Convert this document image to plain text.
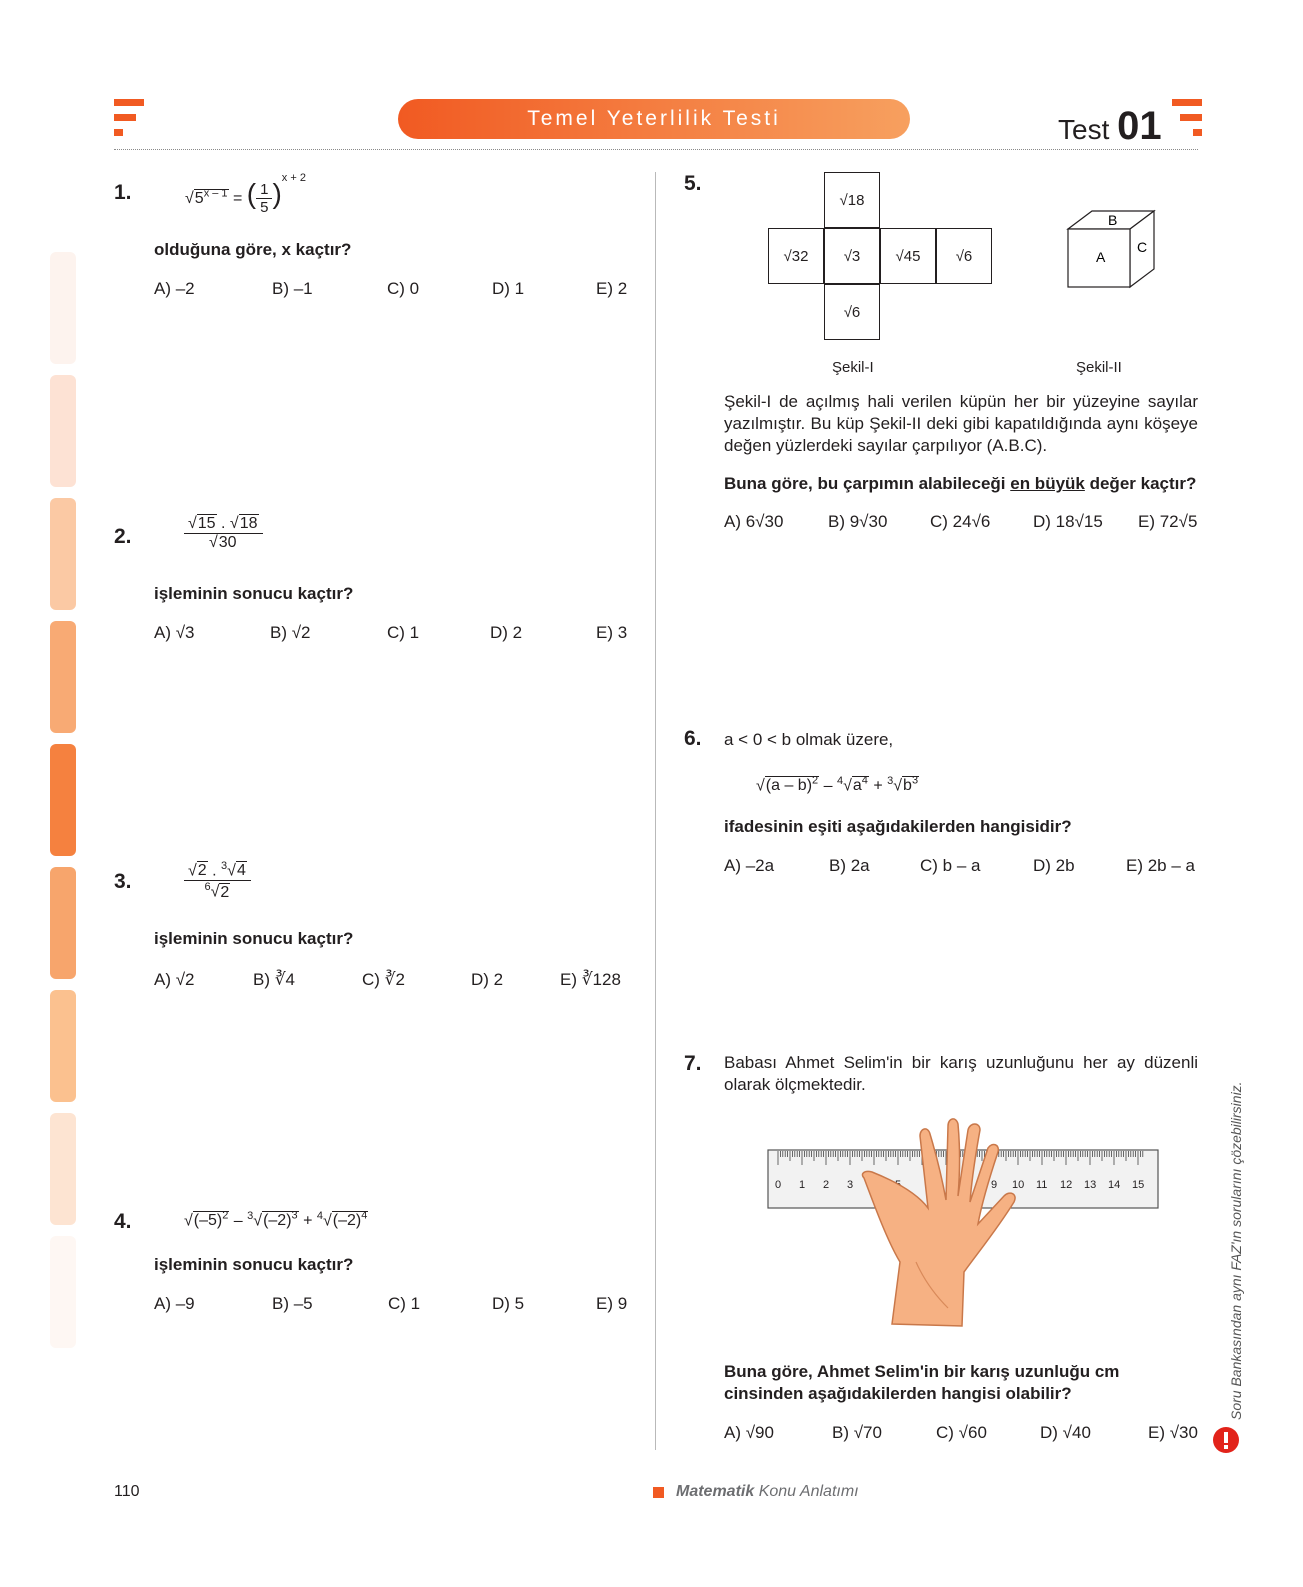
Temel Yeterlilik Testi	Test 01
1.	$√5^{x - 1}$ = ( $\frac{1}{5} )^{x + 2}$
olduğuna göre, x kaçtır?
A) –2	B) –1	C) 0	D) 1	E) 2
2.	$\frac{√15 . √18}{√30}$
işleminin sonucu kaçtır?
A) √3	B) √2	C) 1	D) 2	E) 3
3.	$\frac{√2 . ^3√4}{^6√2}$
işleminin sonucu kaçtır?
A) √2	B) ∛4	C) ∛2	D) 2	E) ∛128
4.	$√(-5)^2 - ^3√(-2)^3 + ^4√(-2)^4$
işleminin sonucu kaçtır?
A) –9	B) –5	C) 1	D) 5	E) 9
5.
√18
√32	√3	√45	√6
√6
A
B
C
Şekil-I	Şekil-II
Şekil-I de açılmış hali verilen küpün her bir yüzeyine sayılar yazılmıştır. Bu küp Şekil-II deki gibi kapatıldığında aynı köşeye değen yüzlerdeki sayılar çarpılıyor (A.B.C).
Buna göre, bu çarpımın alabileceği en büyük değer kaçtır?
A) 6√30	B) 9√30	C) 24√6	D) 18√15 E) 72√5
6. a < 0 < b olmak üzere,
$√(a - b)^2 - ^4√a^4 + ^3√b^3$
ifadesinin eşiti aşağıdakilerden hangisidir?
A) –2a	B) 2a	C) b – a	D) 2b	E) 2b – a
7. Babası Ahmet Selim'in bir karış uzunluğunu her ay düzenli olarak ölçmektedir.
0 1 2 3	9 10 11 12 13 14 15
Buna göre, Ahmet Selim'in bir karış uzunluğu cm cinsinden aşağıdakilerden hangisi olabilir?
A) √90	B) √70	C) √60	D) √40	E) √30
Soru Bankasından aynı FAZ'ın sorularını çözebilirsiniz.
110	Matematik Konu Anlatımı
